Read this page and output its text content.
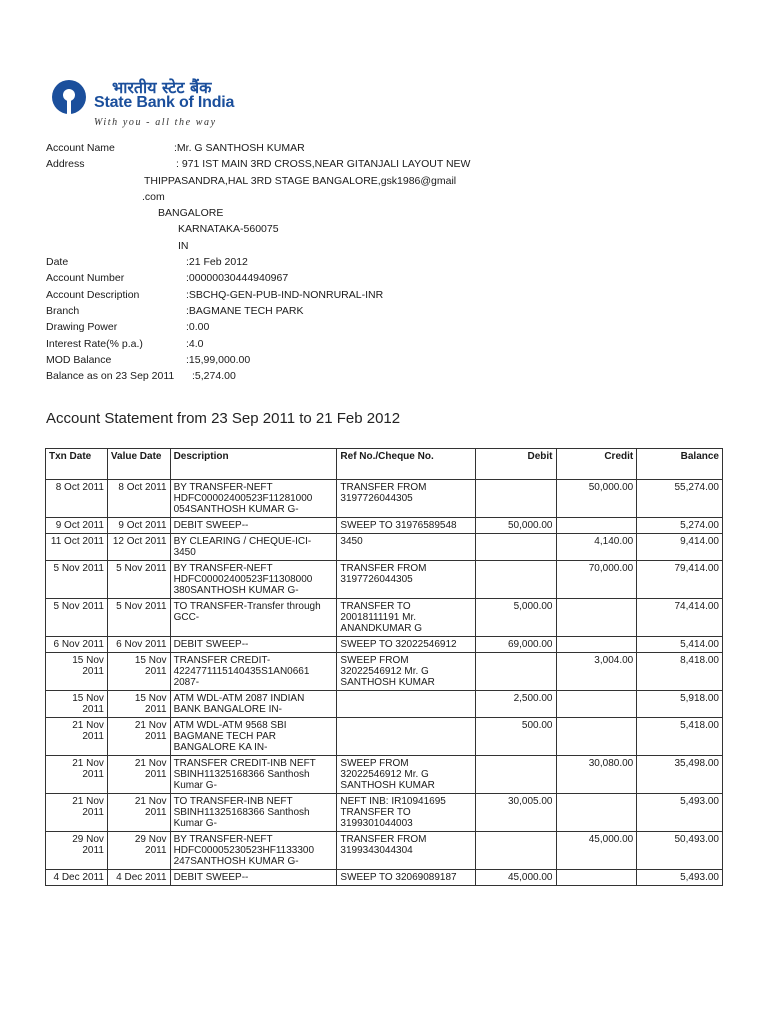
भारतीय स्टेट बैंक
State Bank of India
With you - all the way
Account Name	:Mr. G SANTHOSH KUMAR
Address	: 971 IST MAIN 3RD CROSS,NEAR GITANJALI LAYOUT NEW
THIPPASANDRA,HAL 3RD STAGE BANGALORE,gsk1986@gmail
.com
BANGALORE
KARNATAKA-560075
IN
Date	:21 Feb 2012
Account Number	:00000030444940967
Account Description	:SBCHQ-GEN-PUB-IND-NONRURAL-INR
Branch	:BAGMANE TECH PARK
Drawing Power	:0.00
Interest Rate(% p.a.)	:4.0
MOD Balance	:15,99,000.00
Balance as on 23 Sep 2011 :5,274.00
Account Statement from 23 Sep 2011 to 21 Feb 2012
Txn Date	Value Date	Description	Ref No./Cheque No.	Debit	Credit	Balance
8 Oct 2011	8 Oct 2011	BY TRANSFER-NEFT HDFC00002400523F11281000 054SANTHOSH KUMAR G-	TRANSFER FROM 3197726044305		50,000.00	55,274.00
9 Oct 2011	9 Oct 2011	DEBIT SWEEP--	SWEEP TO 31976589548	50,000.00		5,274.00
11 Oct 2011	12 Oct 2011	BY CLEARING / CHEQUE-ICI-3450	3450		4,140.00	9,414.00
5 Nov 2011	5 Nov 2011	BY TRANSFER-NEFT HDFC00002400523F11308000 380SANTHOSH KUMAR G-	TRANSFER FROM 3197726044305		70,000.00	79,414.00
5 Nov 2011	5 Nov 2011	TO TRANSFER-Transfer through GCC-	TRANSFER TO 20018111191 Mr. ANANDKUMAR G	5,000.00		74,414.00
6 Nov 2011	6 Nov 2011	DEBIT SWEEP--	SWEEP TO 32022546912	69,000.00		5,414.00
15 Nov 2011	15 Nov 2011	TRANSFER CREDIT-4224771115140435S1AN0661 2087-	SWEEP FROM 32022546912 Mr. G SANTHOSH KUMAR		3,004.00	8,418.00
15 Nov 2011	15 Nov 2011	ATM WDL-ATM 2087 INDIAN BANK BANGALORE IN-		2,500.00		5,918.00
21 Nov 2011	21 Nov 2011	ATM WDL-ATM 9568 SBI BAGMANE TECH PAR BANGALORE KA IN-		500.00		5,418.00
21 Nov 2011	21 Nov 2011	TRANSFER CREDIT-INB NEFT SBINH11325168366 Santhosh Kumar G-	SWEEP FROM 32022546912 Mr. G SANTHOSH KUMAR		30,080.00	35,498.00
21 Nov 2011	21 Nov 2011	TO TRANSFER-INB NEFT SBINH11325168366 Santhosh Kumar G-	NEFT INB: IR10941695 TRANSFER TO 3199301044003	30,005.00		5,493.00
29 Nov 2011	29 Nov 2011	BY TRANSFER-NEFT HDFC00005230523HF1133300 247SANTHOSH KUMAR G-	TRANSFER FROM 3199343044304		45,000.00	50,493.00
4 Dec 2011	4 Dec 2011	DEBIT SWEEP--	SWEEP TO 32069089187	45,000.00		5,493.00
